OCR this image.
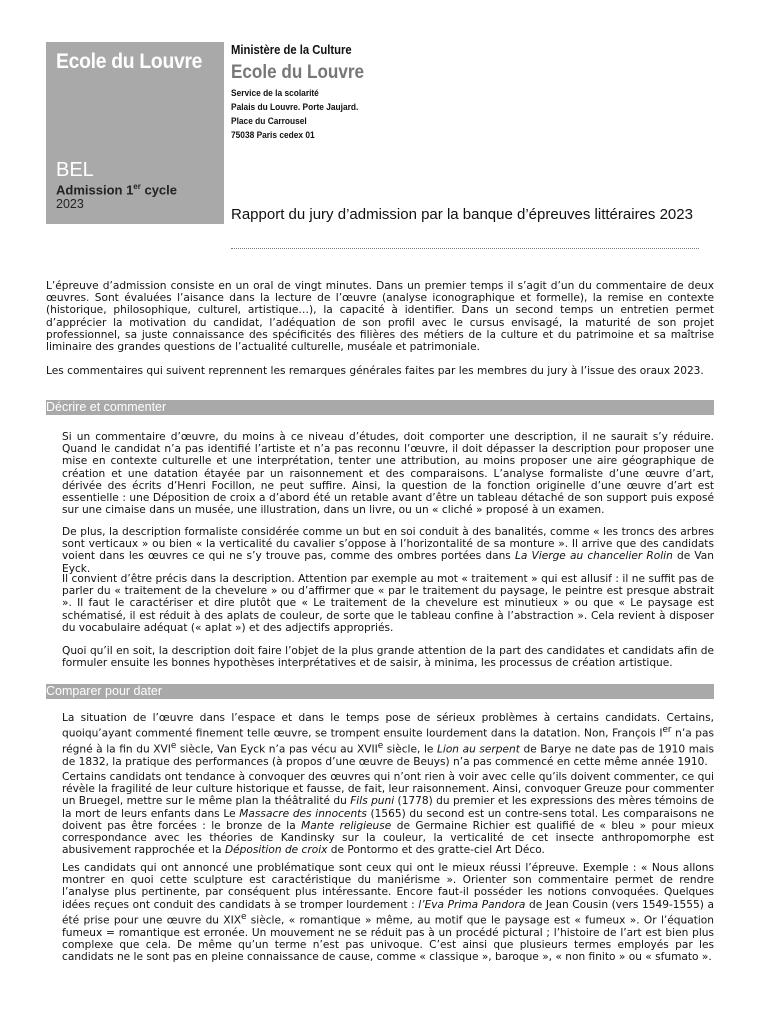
Ecole du Louvre
BEL
Admission 1er cycle
2023
Ministère de la Culture
Ecole du Louvre
Service de la scolarité
Palais du Louvre. Porte Jaujard.
Place du Carrousel
75038 Paris cedex 01
Rapport du jury d’admission par la banque d’épreuves littéraires 2023

L’épreuve d’admission consiste en un oral de vingt minutes. Dans un premier temps il s’agit d’un du commentaire de deux œuvres. Sont évaluées l’aisance dans la lecture de l’œuvre (analyse iconographique et formelle), la remise en contexte (historique, philosophique, culturel, artistique…), la capacité à identifier. Dans un second temps un entretien permet d’apprécier la motivation du candidat, l’adéquation de son profil avec le cursus envisagé, la maturité de son projet professionnel, sa juste connaissance des spécificités des filières des métiers de la culture et du patrimoine et sa maîtrise liminaire des grandes questions de l’actualité culturelle, muséale et patrimoniale.

Les commentaires qui suivent reprennent les remarques générales faites par les membres du jury à l’issue des oraux 2023.

Décrire et commenter

Si un commentaire d’œuvre, du moins à ce niveau d’études, doit comporter une description, il ne saurait s’y réduire. Quand le candidat n’a pas identifié l’artiste et n’a pas reconnu l’œuvre, il doit dépasser la description pour proposer une mise en contexte culturelle et une interprétation, tenter une attribution, au moins proposer une aire géographique de création et une datation étayée par un raisonnement et des comparaisons. L’analyse formaliste d’une œuvre d’art, dérivée des écrits d’Henri Focillon, ne peut suffire. Ainsi, la question de la fonction originelle d’une œuvre d’art est essentielle : une Déposition de croix a d’abord été un retable avant d’être un tableau détaché de son support puis exposé sur une cimaise dans un musée, une illustration, dans un livre, ou un « cliché » proposé à un examen.

De plus, la description formaliste considérée comme un but en soi conduit à des banalités, comme « les troncs des arbres sont verticaux » ou bien « la verticalité du cavalier s’oppose à l’horizontalité de sa monture ». Il arrive que des candidats voient dans les œuvres ce qui ne s’y trouve pas, comme des ombres portées dans La Vierge au chancelier Rolin de Van Eyck.

Il convient d’être précis dans la description. Attention par exemple au mot « traitement » qui est allusif : il ne suffit pas de parler du « traitement de la chevelure » ou d’affirmer que « par le traitement du paysage, le peintre est presque abstrait ». Il faut le caractériser et dire plutôt que « Le traitement de la chevelure est minutieux » ou que « Le paysage est schématisé, il est réduit à des aplats de couleur, de sorte que le tableau confine à l’abstraction ». Cela revient à disposer du vocabulaire adéquat (« aplat ») et des adjectifs appropriés.

Quoi qu’il en soit, la description doit faire l’objet de la plus grande attention de la part des candidates et candidats afin de formuler ensuite les bonnes hypothèses interprétatives et de saisir, à minima, les processus de création artistique.

Comparer pour dater

La situation de l’œuvre dans l’espace et dans le temps pose de sérieux problèmes à certains candidats. Certains, quoiqu’ayant commenté finement telle œuvre, se trompent ensuite lourdement dans la datation. Non, François Ier n’a pas régné à la fin du XVIe siècle, Van Eyck n’a pas vécu au XVIIe siècle, le Lion au serpent de Barye ne date pas de 1910 mais de 1832, la pratique des performances (à propos d’une œuvre de Beuys) n’a pas commencé en cette même année 1910.

Certains candidats ont tendance à convoquer des œuvres qui n’ont rien à voir avec celle qu’ils doivent commenter, ce qui révèle la fragilité de leur culture historique et fausse, de fait, leur raisonnement. Ainsi, convoquer Greuze pour commenter un Bruegel, mettre sur le même plan la théâtralité du Fils puni (1778) du premier et les expressions des mères témoins de la mort de leurs enfants dans Le Massacre des innocents (1565) du second est un contre-sens total. Les comparaisons ne doivent pas être forcées : le bronze de la Mante religieuse de Germaine Richier est qualifié de « bleu » pour mieux correspondance avec les théories de Kandinsky sur la couleur, la verticalité de cet insecte anthropomorphe est abusivement rapprochée et la Déposition de croix de Pontormo et des gratte-ciel Art Déco.

Les candidats qui ont annoncé une problématique sont ceux qui ont le mieux réussi l’épreuve. Exemple : « Nous allons montrer en quoi cette sculpture est caractéristique du maniérisme ». Orienter son commentaire permet de rendre l’analyse plus pertinente, par conséquent plus intéressante. Encore faut-il posséder les notions convoquées. Quelques idées reçues ont conduit des candidats à se tromper lourdement : l’Eva Prima Pandora de Jean Cousin (vers 1549-1555) a été prise pour une œuvre du XIXe siècle, « romantique » même, au motif que le paysage est « fumeux ». Or l’équation fumeux = romantique est erronée. Un mouvement ne se réduit pas à un procédé pictural ; l’histoire de l’art est bien plus complexe que cela. De même qu’un terme n’est pas univoque. C’est ainsi que plusieurs termes employés par les candidats ne le sont pas en pleine connaissance de cause, comme « classique », baroque », « non finito » ou « sfumato ».
